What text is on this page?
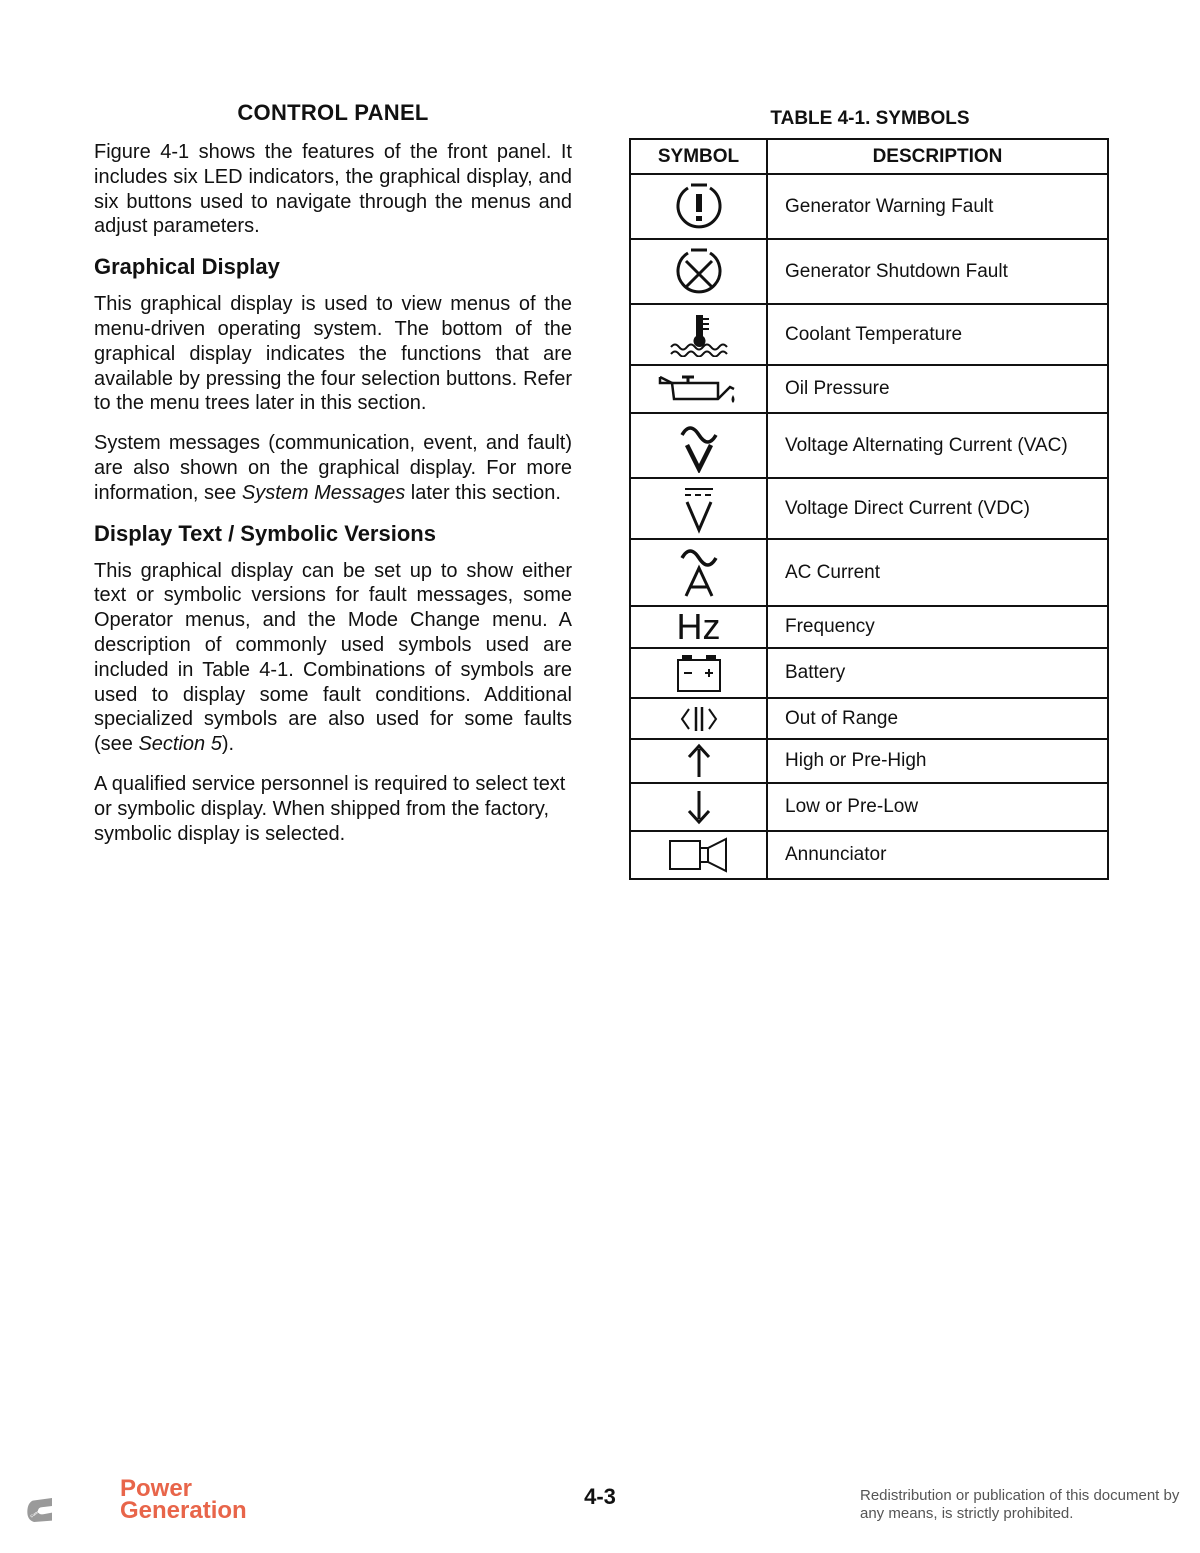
CONTROL PANEL

Figure 4-1 shows the features of the front panel. It includes six LED indicators, the graphical display, and six buttons used to navigate through the menus and adjust parameters.

Graphical Display

This graphical display is used to view menus of the menu-driven operating system. The bottom of the graphical display indicates the functions that are available by pressing the four selection buttons. Refer to the menu trees later in this section.

System messages (communication, event, and fault) are also shown on the graphical display. For more information, see System Messages later this section.

Display Text / Symbolic Versions

This graphical display can be set up to show either text or symbolic versions for fault messages, some Operator menus, and the Mode Change menu. A description of commonly used symbols used are included in Table 4-1. Combinations of symbols are used to display some fault conditions. Additional specialized symbols are also used for some faults (see Section 5).

A qualified service personnel is required to select text or symbolic display. When shipped from the factory, symbolic display is selected.

TABLE 4-1. SYMBOLS
SYMBOL	DESCRIPTION

	Generator Warning Fault

	Generator Shutdown Fault

	Coolant Temperature

	Oil Pressure

	Voltage Alternating Current (VAC)

	Voltage Direct Current (VDC)

	AC Current
Hz	Frequency

	Battery

	Out of Range

	High or Pre-High

	Low or Pre-Low

	Annunciator
Cummins
Power
Generation
4-3	Redistribution or publication of this document by any means, is strictly prohibited.
